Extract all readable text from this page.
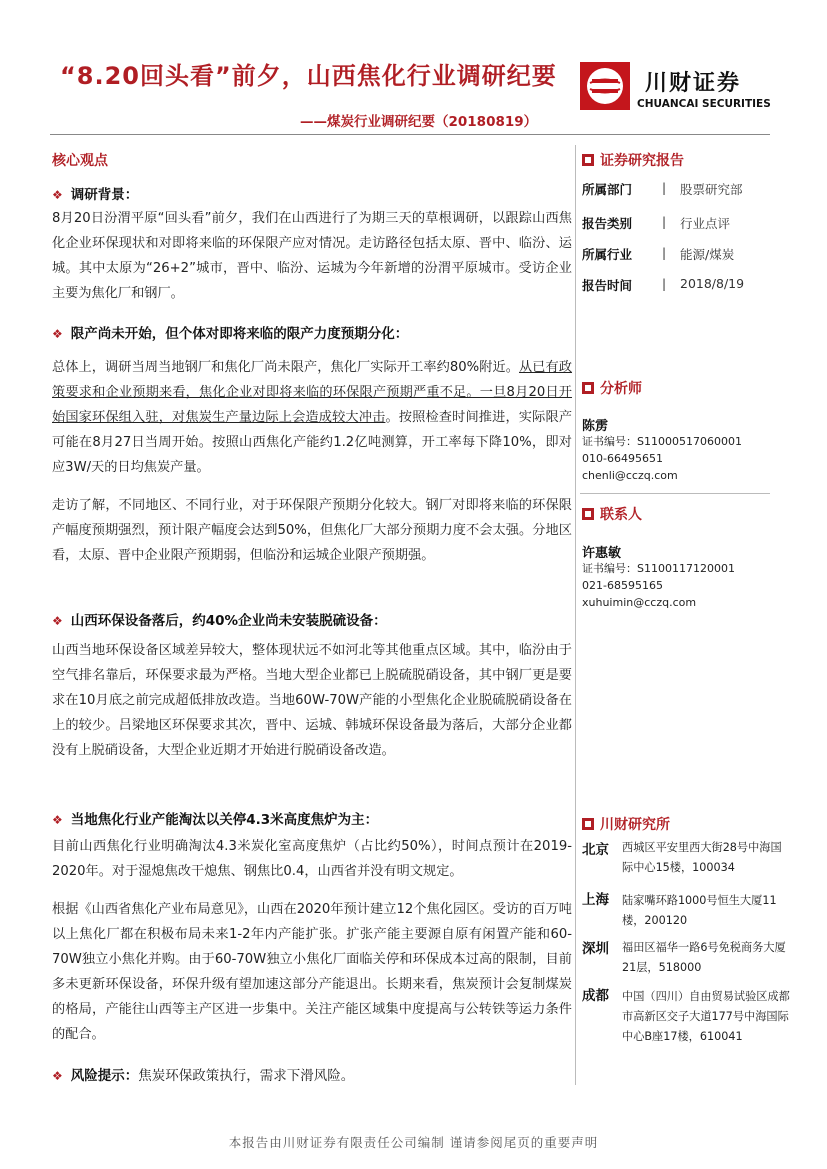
“8.20回头看”前夕，山西焦化行业调研纪要
——煤炭行业调研纪要（20180819）
川财证券
CHUANCAI SECURITIES
核心观点
❖ 调研背景：
8月20日汾渭平原“回头看”前夕，我们在山西进行了为期三天的草根调研，以跟踪山西焦化企业环保现状和对即将来临的环保限产应对情况。走访路径包括太原、晋中、临汾、运城。其中太原为“26+2”城市，晋中、临汾、运城为今年新增的汾渭平原城市。受访企业主要为焦化厂和钢厂。
❖ 限产尚未开始，但个体对即将来临的限产力度预期分化：
总体上，调研当周当地钢厂和焦化厂尚未限产，焦化厂实际开工率约80%附近。从已有政策要求和企业预期来看，焦化企业对即将来临的环保限产预期严重不足。一旦8月20日开始国家环保组入驻，对焦炭生产量边际上会造成较大冲击。按照检查时间推进，实际限产可能在8月27日当周开始。按照山西焦化产能约1.2亿吨测算，开工率每下降10%，即对应3W/天的日均焦炭产量。
走访了解，不同地区、不同行业，对于环保限产预期分化较大。钢厂对即将来临的环保限产幅度预期强烈，预计限产幅度会达到50%，但焦化厂大部分预期力度不会太强。分地区看，太原、晋中企业限产预期弱，但临汾和运城企业限产预期强。
❖ 山西环保设备落后，约40%企业尚未安装脱硫设备：
山西当地环保设备区域差异较大，整体现状远不如河北等其他重点区域。其中，临汾由于空气排名靠后，环保要求最为严格。当地大型企业都已上脱硫脱硝设备，其中钢厂更是要求在10月底之前完成超低排放改造。当地60W-70W产能的小型焦化企业脱硫脱硝设备在上的较少。吕梁地区环保要求其次，晋中、运城、韩城环保设备最为落后，大部分企业都没有上脱硝设备，大型企业近期才开始进行脱硝设备改造。
❖ 当地焦化行业产能淘汰以关停4.3米高度焦炉为主：
目前山西焦化行业明确淘汰4.3米炭化室高度焦炉（占比约50%），时间点预计在2019-2020年。对于湿熄焦改干熄焦、钢焦比0.4，山西省并没有明文规定。
根据《山西省焦化产业布局意见》，山西在2020年预计建立12个焦化园区。受访的百万吨以上焦化厂都在积极布局未来1-2年内产能扩张。扩张产能主要源自原有闲置产能和60-70W独立小焦化并购。由于60-70W独立小焦化厂面临关停和环保成本过高的限制，目前多未更新环保设备，环保升级有望加速这部分产能退出。长期来看，焦炭预计会复制煤炭的格局，产能往山西等主产区进一步集中。关注产能区域集中度提高与公转铁等运力条件的配合。
❖ 风险提示：焦炭环保政策执行，需求下滑风险。
证券研究报告
所属部门 | 股票研究部
报告类别 | 行业点评
所属行业 | 能源/煤炭
报告时间 | 2018/8/19
分析师
陈雳
证书编号：S1100051706000​1
010-66495651
chenli@cczq.com
联系人
许惠敏
证书编号：S1100117120001
021-68595165
xuhuimin@cczq.com
川财研究所
北京 西城区平安里西大街28号中海国际中心15楼，100034
上海 陆家嘴环路1000号恒生大厦11楼，200120
深圳 福田区福华一路6号免税商务大厦21层，518000
成都 中国（四川）自由贸易试验区成都市高新区交子大道177号中海国际中心B座17楼，610041
本报告由川财证券有限责任公司编制 谨请参阅尾页的重要声明
